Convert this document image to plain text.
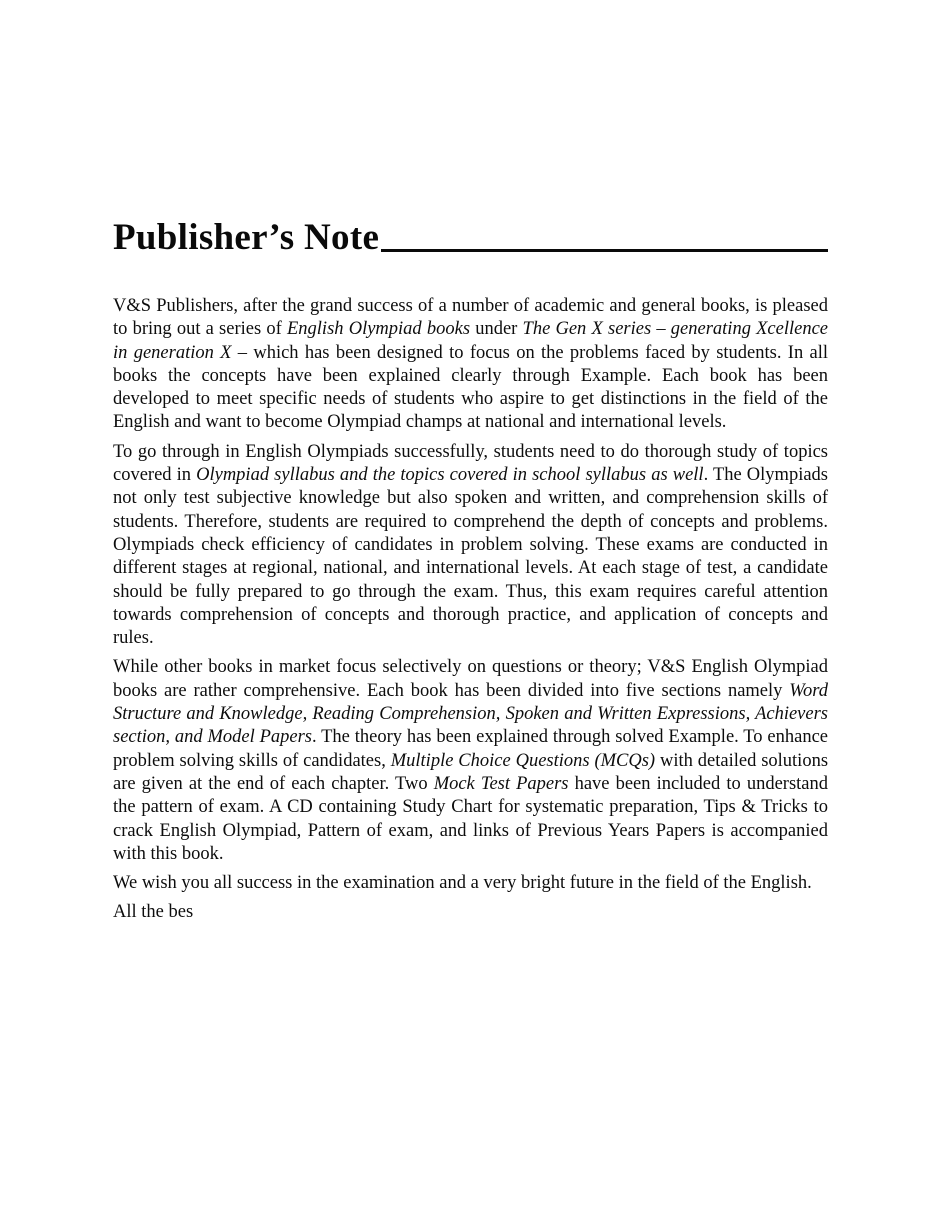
Publisher’s Note

V&S Publishers, after the grand success of a number of academic and general books, is pleased to bring out a series of English Olympiad books under The Gen X series – generating Xcellence in generation X – which has been designed to focus on the problems faced by students. In all books the concepts have been explained clearly through Example. Each book has been developed to meet specific needs of students who aspire to get distinctions in the field of the English and want to become Olympiad champs at national and international levels.

To go through in English Olympiads successfully, students need to do thorough study of topics covered in Olympiad syllabus and the topics covered in school syllabus as well. The Olympiads not only test subjective knowledge but also spoken and written, and comprehension skills of students. Therefore, students are required to comprehend the depth of concepts and problems. Olympiads check efficiency of candidates in problem solving. These exams are conducted in different stages at regional, national, and international levels. At each stage of test, a candidate should be fully prepared to go through the exam. Thus, this exam requires careful attention towards comprehension of concepts and thorough practice, and application of concepts and rules.

While other books in market focus selectively on questions or theory; V&S English Olympiad books are rather comprehensive. Each book has been divided into five sections namely Word Structure and Knowledge, Reading Comprehension, Spoken and Written Expressions, Achievers section, and Model Papers. The theory has been explained through solved Example. To enhance problem solving skills of candidates, Multiple Choice Questions (MCQs) with detailed solutions are given at the end of each chapter. Two Mock Test Papers have been included to understand the pattern of exam. A CD containing Study Chart for systematic preparation, Tips & Tricks to crack English Olympiad, Pattern of exam, and links of Previous Years Papers is accompanied with this book.

We wish you all success in the examination and a very bright future in the field of the English.

All the bes
